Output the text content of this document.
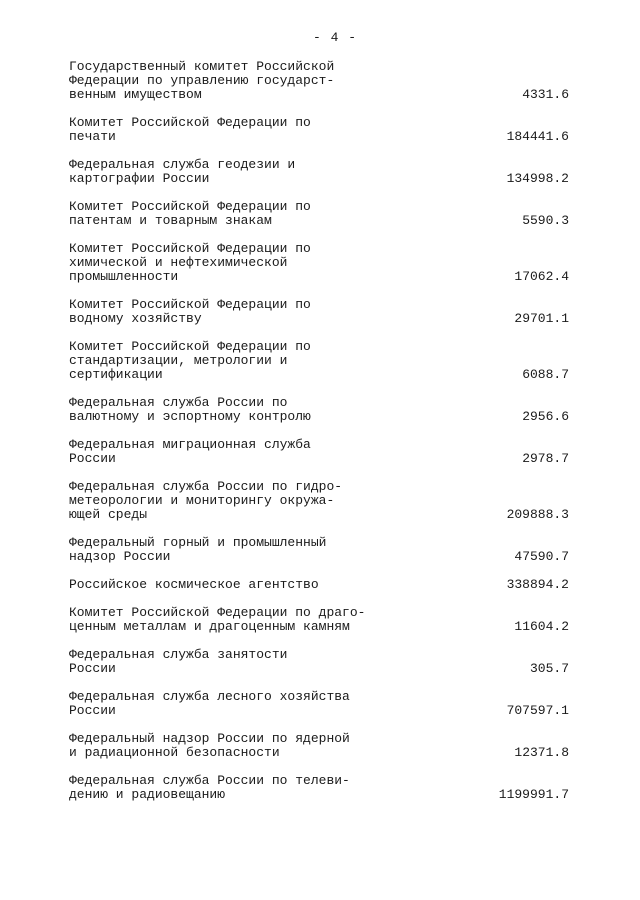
- 4 -
Государственный комитет Российской
Федерации по управлению государст-
венным имуществом	4331.6
Комитет Российской Федерации по
печати	184441.6
Федеральная служба геодезии и
картографии России	134998.2
Комитет Российской Федерации по
патентам и товарным знакам	5590.3
Комитет Российской Федерации по
химической и нефтехимической
промышленности	17062.4
Комитет Российской Федерации по
водному хозяйству	29701.1
Комитет Российской Федерации по
стандартизации, метрологии и
сертификации	6088.7
Федеральная служба России по
валютному и эспортному контролю	2956.6
Федеральная миграционная служба
России	2978.7
Федеральная служба России по гидро-
метеорологии и мониторингу окружа-
ющей среды	209888.3
Федеральный горный и промышленный
надзор России	47590.7
Российское космическое агентство	338894.2
Комитет Российской Федерации по драго-
ценным металлам и драгоценным камням	11604.2
Федеральная служба занятости
России	305.7
Федеральная служба лесного хозяйства
России	707597.1
Федеральный надзор России по ядерной
и радиационной безопасности	12371.8
Федеральная служба России по телеви-
дению и радиовещанию	1199991.7
